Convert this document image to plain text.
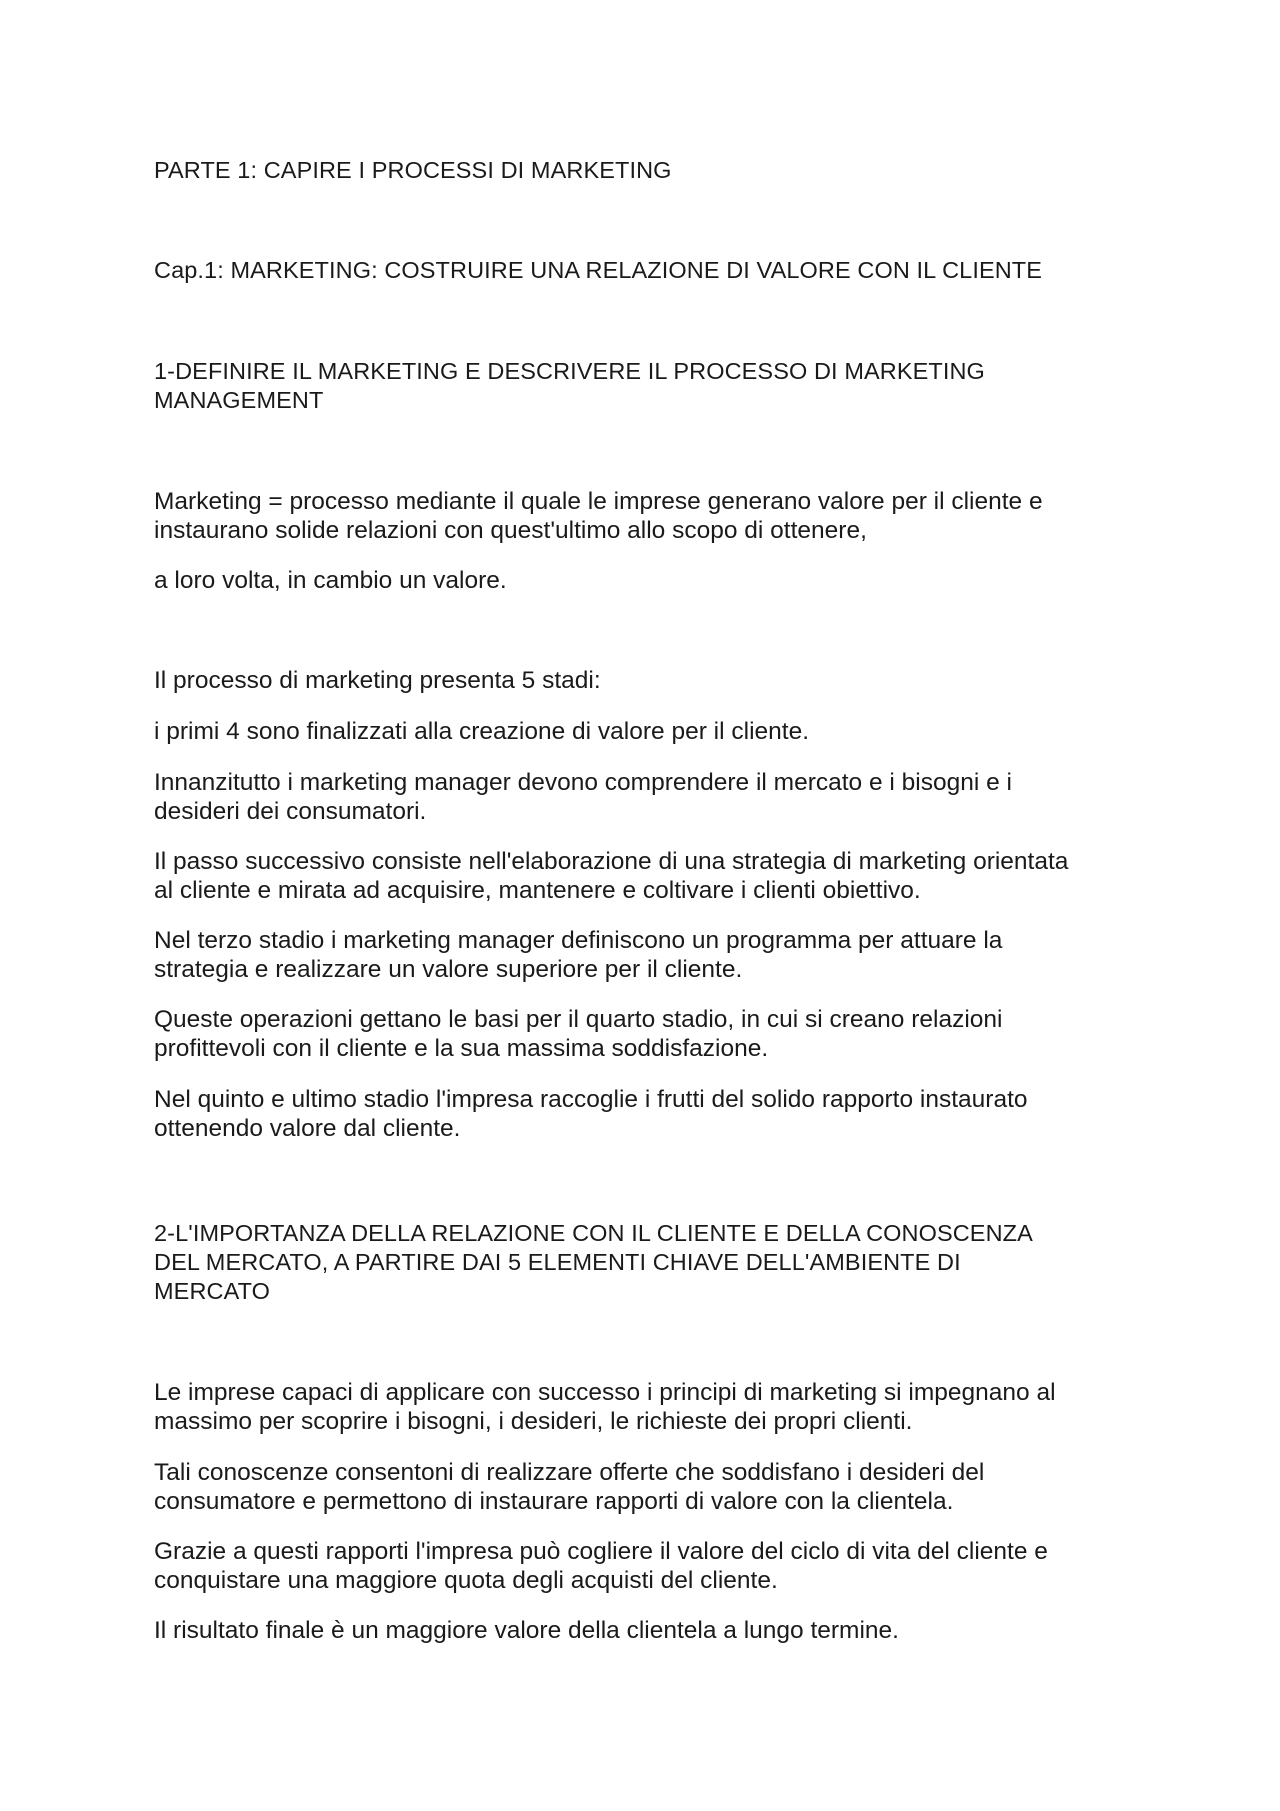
PARTE 1: CAPIRE I PROCESSI DI MARKETING
Cap.1: MARKETING: COSTRUIRE UNA RELAZIONE DI VALORE CON IL CLIENTE
1-DEFINIRE IL MARKETING E DESCRIVERE IL PROCESSO DI MARKETING
MANAGEMENT
Marketing = processo mediante il quale le imprese generano valore per il cliente e
instaurano solide relazioni con quest'ultimo allo scopo di ottenere,
a loro volta, in cambio un valore.
Il processo di marketing presenta 5 stadi:
i primi 4 sono finalizzati alla creazione di valore per il cliente.
Innanzitutto i marketing manager devono comprendere il mercato e i bisogni e i
desideri dei consumatori.
Il passo successivo consiste nell'elaborazione di una strategia di marketing orientata
al cliente e mirata ad acquisire, mantenere e coltivare i clienti obiettivo.
Nel terzo stadio i marketing manager definiscono un programma per attuare la
strategia e realizzare un valore superiore per il cliente.
Queste operazioni gettano le basi per il quarto stadio, in cui si creano relazioni
profittevoli con il cliente e la sua massima soddisfazione.
Nel quinto e ultimo stadio l'impresa raccoglie i frutti del solido rapporto instaurato
ottenendo valore dal cliente.
2-L'IMPORTANZA DELLA RELAZIONE CON IL CLIENTE E DELLA CONOSCENZA
DEL MERCATO, A PARTIRE DAI 5 ELEMENTI CHIAVE DELL'AMBIENTE DI
MERCATO
Le imprese capaci di applicare con successo i principi di marketing si impegnano al
massimo per scoprire i bisogni, i desideri, le richieste dei propri clienti.
Tali conoscenze consentoni di realizzare offerte che soddisfano i desideri del
consumatore e permettono di instaurare rapporti di valore con la clientela.
Grazie a questi rapporti l'impresa può cogliere il valore del ciclo di vita del cliente e
conquistare una maggiore quota degli acquisti del cliente.
Il risultato finale è un maggiore valore della clientela a lungo termine.
